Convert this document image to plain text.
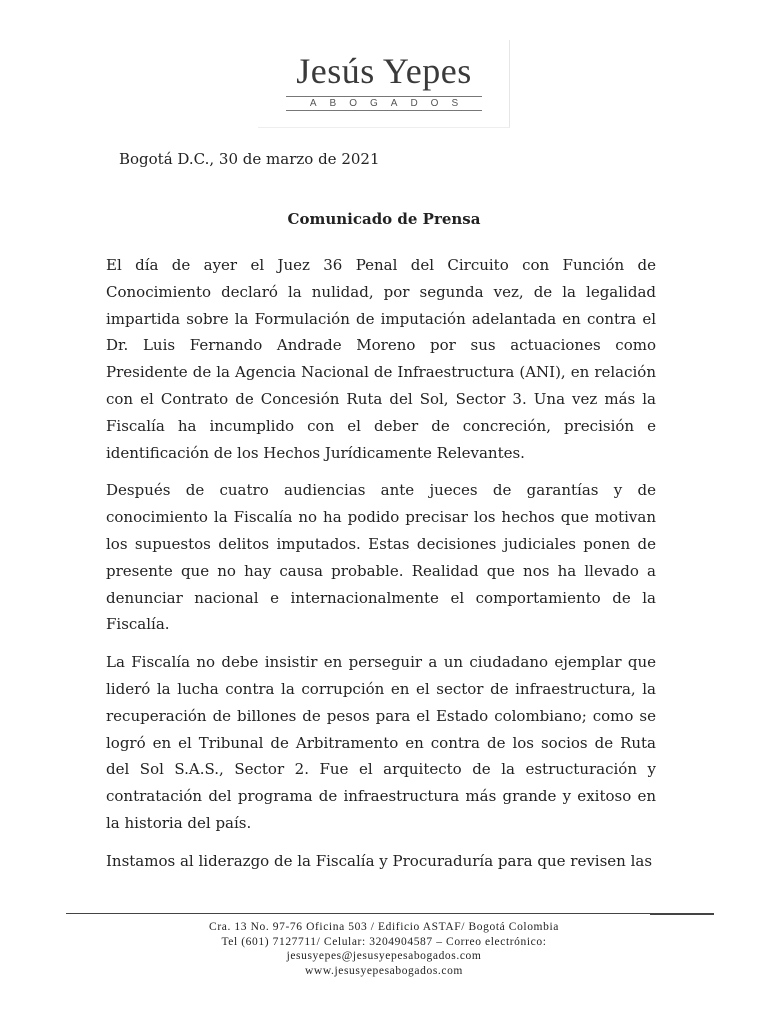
Jesús Yepes
ABOGADOS
Bogotá D.C., 30 de marzo de 2021
Comunicado de Prensa

El día de ayer el Juez 36 Penal del Circuito con Función de Conocimiento declaró la nulidad, por segunda vez, de la legalidad impartida sobre la Formulación de imputación adelantada en contra el Dr. Luis Fernando Andrade Moreno por sus actuaciones como Presidente de la Agencia Nacional de Infraestructura (ANI), en relación con el Contrato de Concesión Ruta del Sol, Sector 3. Una vez más la Fiscalía ha incumplido con el deber de concreción, precisión e identificación de los Hechos Jurídicamente Relevantes.

Después de cuatro audiencias ante jueces de garantías y de conocimiento la Fiscalía no ha podido precisar los hechos que motivan los supuestos delitos imputados. Estas decisiones judiciales ponen de presente que no hay causa probable. Realidad que nos ha llevado a denunciar nacional e internacionalmente el comportamiento de la Fiscalía.

La Fiscalía no debe insistir en perseguir a un ciudadano ejemplar que lideró la lucha contra la corrupción en el sector de infraestructura, la recuperación de billones de pesos para el Estado colombiano; como se logró en el Tribunal de Arbitramento en contra de los socios de Ruta del Sol S.A.S., Sector 2. Fue el arquitecto de la estructuración y contratación del programa de infraestructura más grande y exitoso en la historia del país.

Instamos al liderazgo de la Fiscalía y Procuraduría para que revisen las

Cra. 13 No. 97-76 Oficina 503 / Edificio ASTAF/ Bogotá Colombia
Tel (601) 7127711/ Celular: 3204904587 – Correo electrónico:
jesusyepes@jesusyepesabogados.com
www.jesusyepesabogados.com
